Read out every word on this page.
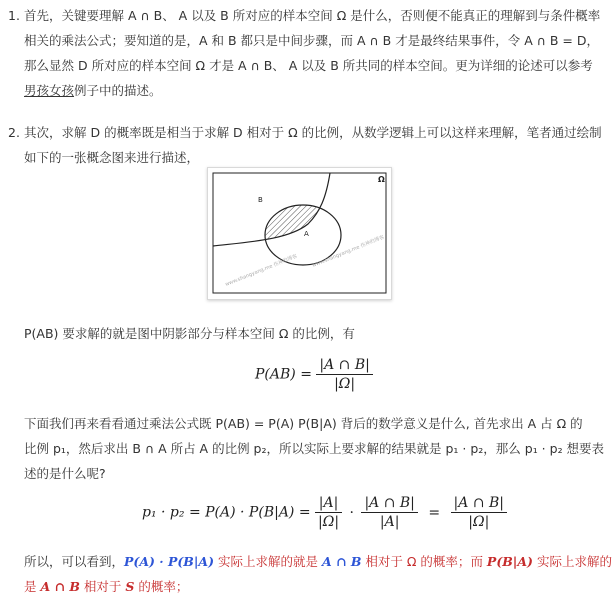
1. 首先，关键要理解 A ∩ B、 A 以及 B 所对应的样本空间 Ω 是什么，否则便不能真正的理解到与条件概率
相关的乘法公式；要知道的是，A 和 B 都只是中间步骤，而 A ∩ B 才是最终结果事件，令 A ∩ B = D，
那么显然 D 所对应的样本空间 Ω 才是 A ∩ B、 A 以及 B 所共同的样本空间。更为详细的论述可以参考
男孩女孩例子中的描述。
2. 其次，求解 D 的概率既是相当于求解 D 相对于 Ω 的比例，从数学逻辑上可以这样来理解，笔者通过绘制
如下的一张概念图来进行描述，
Ω
B
A
www.shangyang.me 伤神的博客
www.shangyang.me 伤神的博客
P(AB) 要求解的就是图中阴影部分与样本空间 Ω 的比例，有
$P(AB) = \frac{|A \cap B|}{|\Omega|}$
下面我们再来看看通过乘法公式既 P(AB) = P(A) P(B|A) 背后的数学意义是什么, 首先求出 A 占 Ω 的
比例 p₁，然后求出 B ∩ A 所占 A 的比例 p₂，所以实际上要求解的结果就是 p₁ · p₂，那么 p₁ · p₂ 想要表
述的是什么呢?
$p_1 \cdot p_2 = P(A) \cdot P(B|A) = \frac{|A|}{|\Omega|} \cdot \frac{|A \cap B|}{|A|} = \frac{|A \cap B|}{|\Omega|}$
所以，可以看到，P(A) · P(B|A) 实际上求解的就是 A ∩ B 相对于 Ω 的概率；而 P(B|A) 实际上求解的
是 A ∩ B 相对于 S 的概率；
